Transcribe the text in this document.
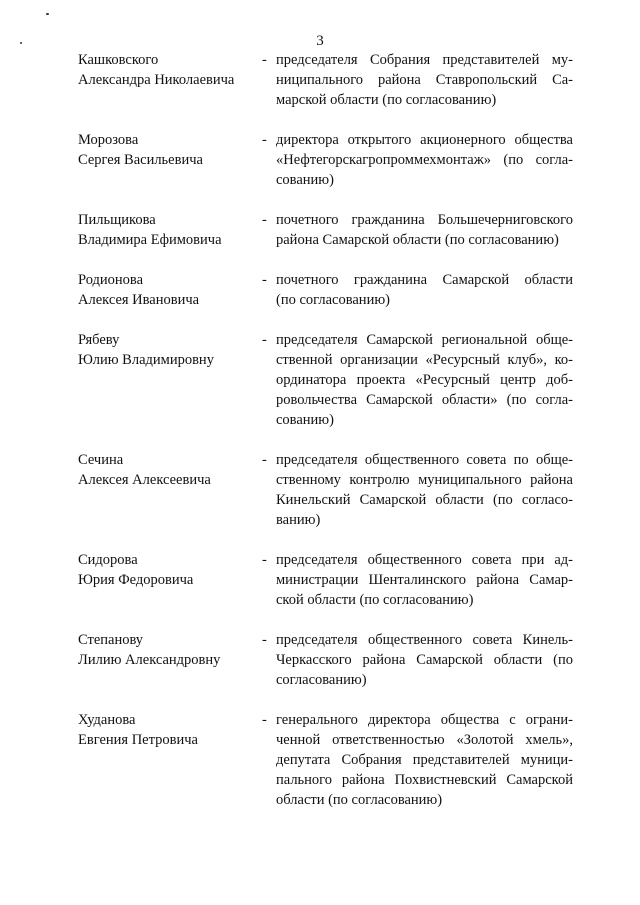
3
Кашковского
Александра Николаевича
- председателя Собрания представителей му-
ниципального района Ставропольский Са-
марской области (по согласованию)
Морозова
Сергея Васильевича
- директора открытого акционерного общества
«Нефтегорскагропроммехмонтаж» (по согла-
сованию)
Пильщикова
Владимира Ефимовича
- почетного гражданина Большечерниговского
района Самарской области (по согласованию)
Родионова
Алексея Ивановича
- почетного гражданина Самарской области
(по согласованию)
Рябеву
Юлию Владимировну
- председателя Самарской региональной обще-
ственной организации «Ресурсный клуб», ко-
ординатора проекта «Ресурсный центр доб-
ровольчества Самарской области» (по согла-
сованию)
Сечина
Алексея Алексеевича
- председателя общественного совета по обще-
ственному контролю муниципального района
Кинельский Самарской области (по согласо-
ванию)
Сидорова
Юрия Федоровича
- председателя общественного совета при ад-
министрации Шенталинского района Самар-
ской области (по согласованию)
Степанову
Лилию Александровну
- председателя общественного совета Кинель-
Черкасского района Самарской области (по
согласованию)
Худанова
Евгения Петровича
- генерального директора общества с ограни-
ченной ответственностью «Золотой хмель»,
депутата Собрания представителей муници-
пального района Похвистневский Самарской
области (по согласованию)
